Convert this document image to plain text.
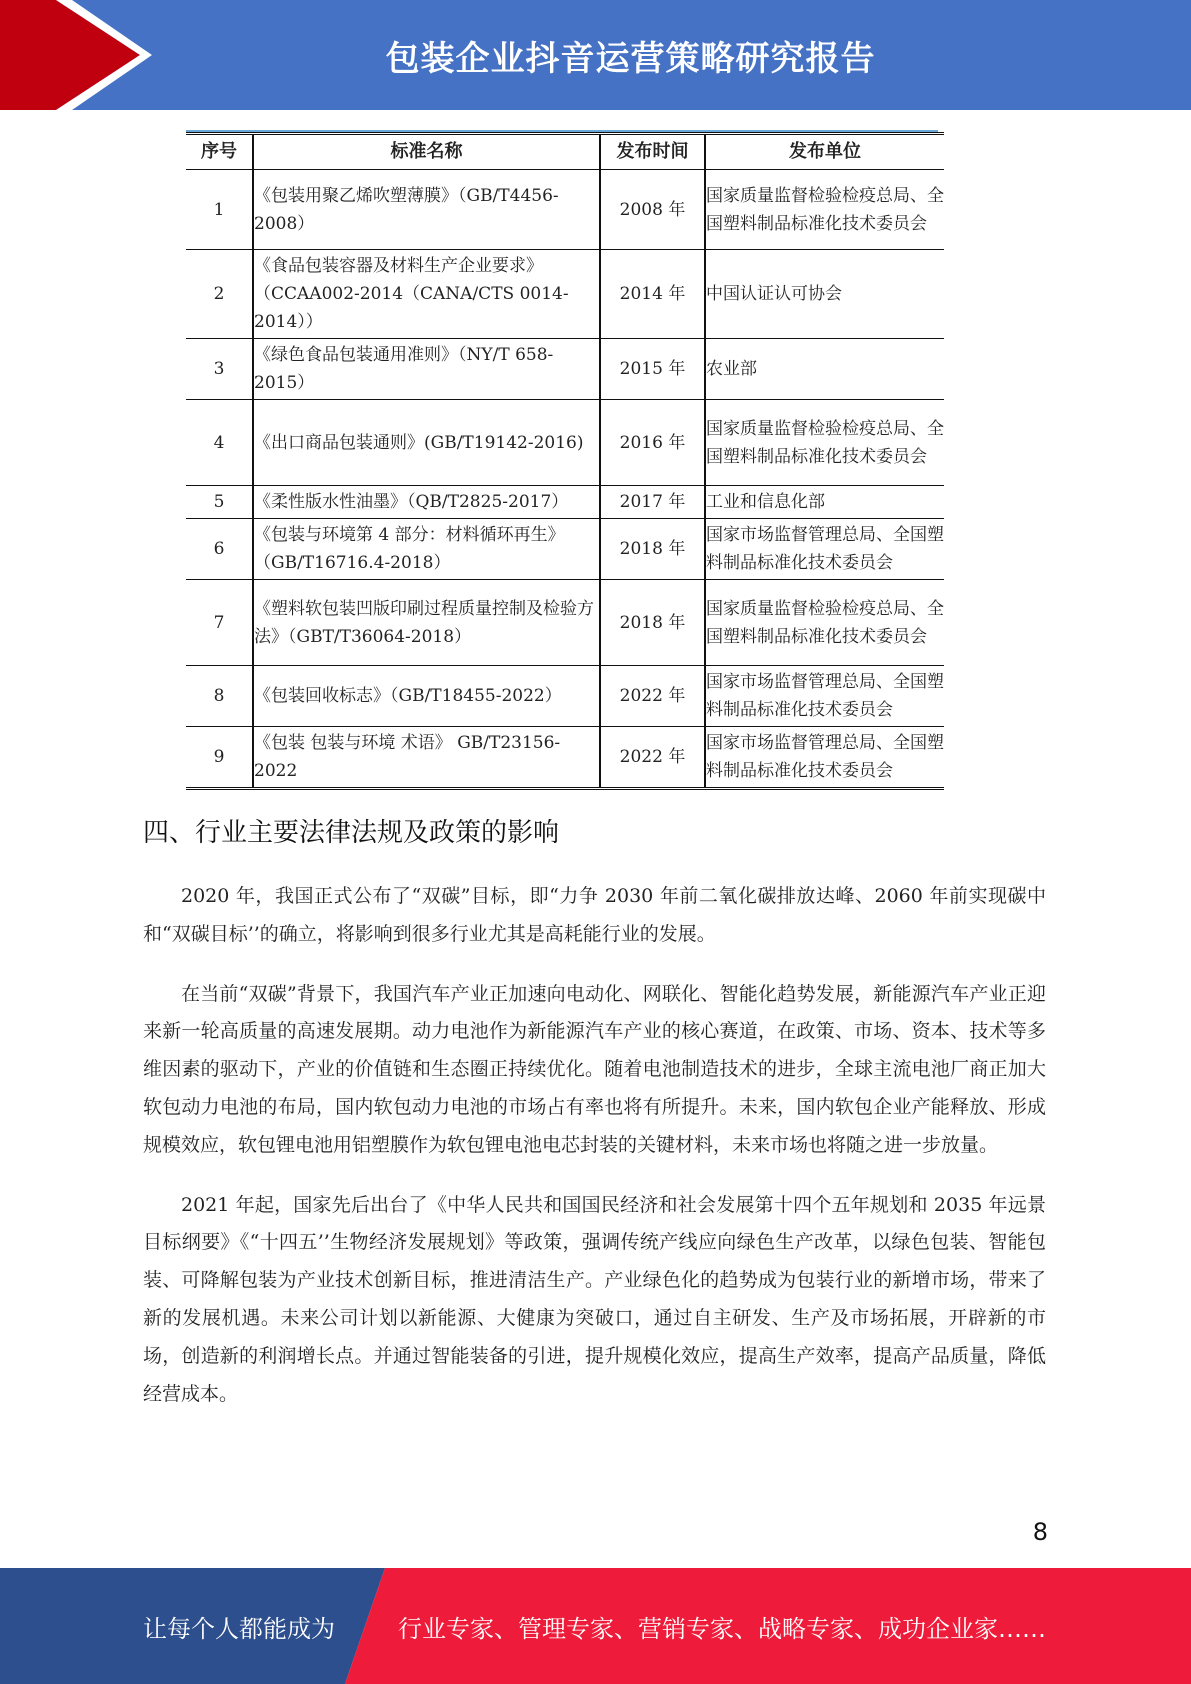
包装企业抖音运营策略研究报告
序号	标准名称	发布时间	发布单位
1	《包装用聚乙烯吹塑薄膜》（GB/T4456-2008）	2008 年	国家质量监督检验检疫总局、全国塑料制品标准化技术委员会
2	《食品包装容器及材料生产企业要求》（CCAA002-2014（CANA/CTS 0014-2014））	2014 年	中国认证认可协会
3	《绿色食品包装通用准则》（NY/T 658-2015）	2015 年	农业部
4	《出口商品包装通则》(GB/T19142-2016)	2016 年	国家质量监督检验检疫总局、全国塑料制品标准化技术委员会
5	《柔性版水性油墨》（QB/T2825-2017）	2017 年	工业和信息化部
6	《包装与环境第 4 部分：材料循环再生》（GB/T16716.4-2018）	2018 年	国家市场监督管理总局、全国塑料制品标准化技术委员会
7	《塑料软包装凹版印刷过程质量控制及检验方法》（GBT/T36064-2018）	2018 年	国家质量监督检验检疫总局、全国塑料制品标准化技术委员会
8	《包装回收标志》（GB/T18455-2022）	2022 年	国家市场监督管理总局、全国塑料制品标准化技术委员会
9	《包装 包装与环境 术语》 GB/T23156-2022	2022 年	国家市场监督管理总局、全国塑料制品标准化技术委员会
四、行业主要法律法规及政策的影响

2020 年，我国正式公布了“双碳”目标，即“力争 2030 年前二氧化碳排放达峰、2060 年前实现碳中和“双碳目标’’的确立，将影响到很多行业尤其是高耗能行业的发展。

在当前“双碳”背景下，我国汽车产业正加速向电动化、网联化、智能化趋势发展，新能源汽车产业正迎来新一轮高质量的高速发展期。动力电池作为新能源汽车产业的核心赛道，在政策、市场、资本、技术等多维因素的驱动下，产业的价值链和生态圈正持续优化。随着电池制造技术的进步，全球主流电池厂商正加大软包动力电池的布局，国内软包动力电池的市场占有率也将有所提升。未来，国内软包企业产能释放、形成规模效应，软包锂电池用铝塑膜作为软包锂电池电芯封装的关键材料，未来市场也将随之进一步放量。

2021 年起，国家先后出台了《中华人民共和国国民经济和社会发展第十四个五年规划和 2035 年远景目标纲要》《“十四五’’生物经济发展规划》等政策，强调传统产线应向绿色生产改革，以绿色包装、智能包装、可降解包装为产业技术创新目标，推进清洁生产。产业绿色化的趋势成为包装行业的新增市场，带来了新的发展机遇。未来公司计划以新能源、大健康为突破口，通过自主研发、生产及市场拓展，开辟新的市场，创造新的利润增长点。并通过智能装备的引进，提升规模化效应，提高生产效率，提高产品质量，降低经营成本。

8
让每个人都能成为	行业专家、管理专家、营销专家、战略专家、成功企业家……
